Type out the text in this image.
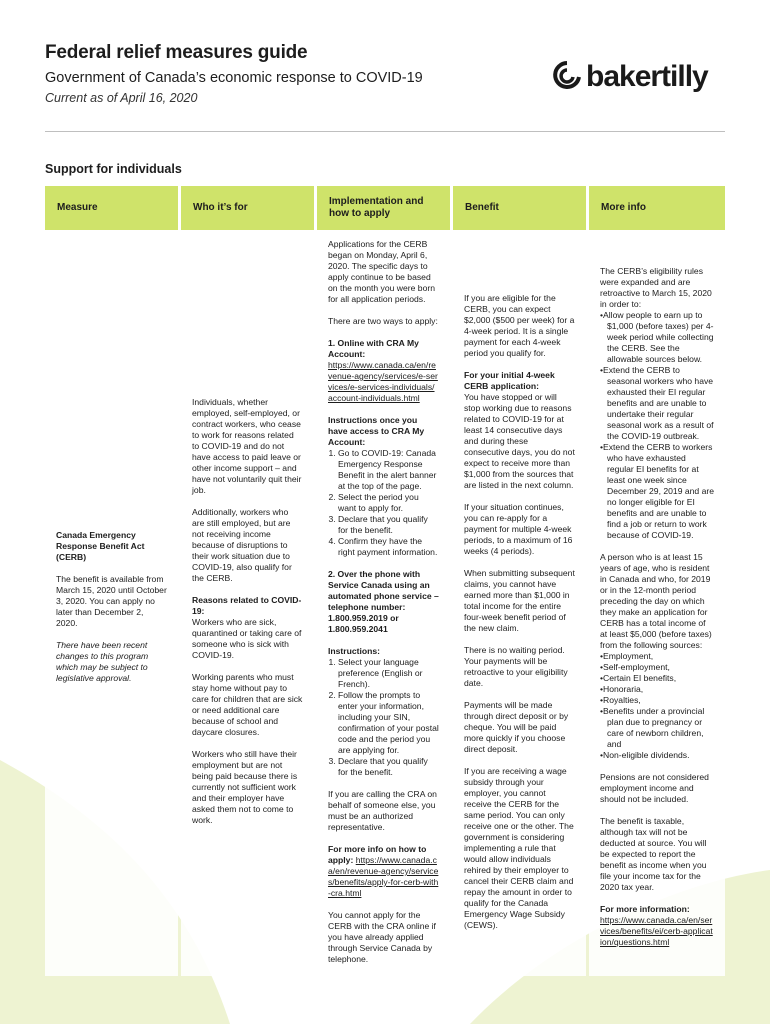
Federal relief measures guide

Government of Canada’s economic response to COVID-19

Current as of April 16, 2020

bakertilly
Support for individuals
Measure	Who it’s for
Implementation and how to apply
Benefit	More info

Canada Emergency Response Benefit Act (CERB)

The benefit is available from March 15, 2020 until October 3, 2020. You can apply no later than December 2, 2020.

There have been recent changes to this program which may be subject to legislative approval.

Individuals, whether employed, self-employed, or contract workers, who cease to work for reasons related to COVID-19 and do not have access to paid leave or other income support – and have not voluntarily quit their job.

Additionally, workers who are still employed, but are not receiving income because of disruptions to their work situation due to COVID-19, also qualify for the CERB.

Reasons related to COVID-19:
Workers who are sick, quarantined or taking care of someone who is sick with COVID-19.

Working parents who must stay home without pay to care for children that are sick or need additional care because of school and daycare closures.

Workers who still have their employment but are not being paid because there is currently not sufficient work and their employer have asked them not to come to work.

Applications for the CERB began on Monday, April 6, 2020. The specific days to apply continue to be based on the month you were born for all application periods.

There are two ways to apply:

1. Online with CRA My Account:
https://www.canada.ca/en/revenue-agency/services/e-services/e-services-individuals/account-individuals.html

Instructions once you have access to CRA My Account:

1. Go to COVID-19: Canada Emergency Response Benefit in the alert banner at the top of the page.
2. Select the period you want to apply for.
3. Declare that you qualify for the benefit.
4. Confirm they have the right payment information.

2. Over the phone with Service Canada using an automated phone service – telephone number: 1.800.959.2019 or 1.800.959.2041

Instructions:

1. Select your language preference (English or French).
2. Follow the prompts to enter your information, including your SIN, confirmation of your postal code and the period you are applying for.
3. Declare that you qualify for the benefit.

If you are calling the CRA on behalf of someone else, you must be an authorized representative.

For more info on how to apply: https://www.canada.ca/en/revenue-agency/services/benefits/apply-for-cerb-with-cra.html

You cannot apply for the CERB with the CRA online if you have already applied through Service Canada by telephone.

If you are eligible for the CERB, you can expect $2,000 ($500 per week) for a 4-week period. It is a single payment for each 4-week period you qualify for.

For your initial 4-week CERB application:
You have stopped or will stop working due to reasons related to COVID-19 for at least 14 consecutive days and during these consecutive days, you do not expect to receive more than $1,000 from the sources that are listed in the next column.

If your situation continues, you can re-apply for a payment for multiple 4-week periods, to a maximum of 16 weeks (4 periods).

When submitting subsequent claims, you cannot have earned more than $1,000 in total income for the entire four-week benefit period of the new claim.

There is no waiting period. Your payments will be retroactive to your eligibility date.

Payments will be made through direct deposit or by cheque. You will be paid more quickly if you choose direct deposit.

If you are receiving a wage subsidy through your employer, you cannot receive the CERB for the same period. You can only receive one or the other. The government is considering implementing a rule that would allow individuals rehired by their employer to cancel their CERB claim and repay the amount in order to qualify for the Canada Emergency Wage Subsidy (CEWS).

The CERB’s eligibility rules were expanded and are retroactive to March 15, 2020 in order to:

• Allow people to earn up to $1,000 (before taxes) per 4-week period while collecting the CERB. See the allowable sources below.
• Extend the CERB to seasonal workers who have exhausted their EI regular benefits and are unable to undertake their regular seasonal work as a result of the COVID-19 outbreak.
• Extend the CERB to workers who have exhausted regular EI benefits for at least one week since December 29, 2019 and are no longer eligible for EI benefits and are unable to find a job or return to work because of COVID-19.

A person who is at least 15 years of age, who is resident in Canada and who, for 2019 or in the 12-month period preceding the day on which they make an application for CERB has a total income of at least $5,000 (before taxes) from the following sources:

• Employment,
• Self-employment,
• Certain EI benefits,
• Honoraria,
• Royalties,
• Benefits under a provincial plan due to pregnancy or care of newborn children, and
• Non-eligible dividends.

Pensions are not considered employment income and should not be included.

The benefit is taxable, although tax will not be deducted at source. You will be expected to report the benefit as income when you file your income tax for the 2020 tax year.

For more information:
https://www.canada.ca/en/services/benefits/ei/cerb-application/questions.html
